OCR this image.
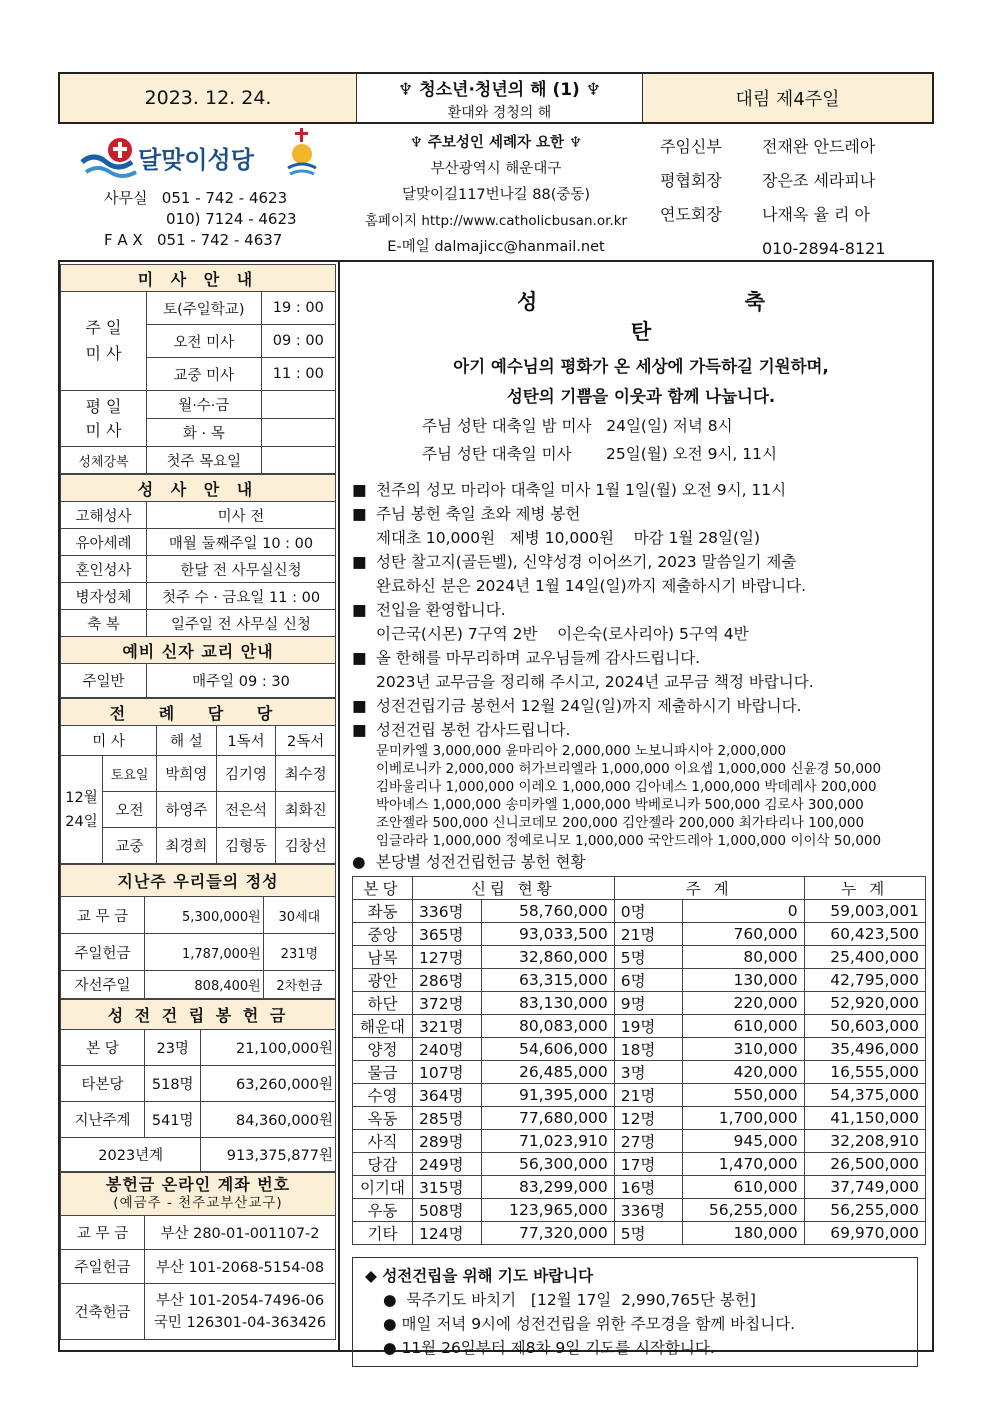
2023. 12. 24.	♆ 청소년·청년의 해 (1) ♆
환대와 경청의 해
대림 제4주일
달맞이성당
사무실 051 - 742 - 4623
010) 7124 - 4623
F A X 051 - 742 - 4637
♆ 주보성인 세례자 요한 ♆
부산광역시 해운대구
달맞이길117번나길 88(중동)
홈페이지 http://www.catholicbusan.or.kr
E-메일 dalmajicc@hanmail.net
주임신부	전재완 안드레아
평협회장	장은조 세라피나
연도회장	나재옥 율 리 아
010-2894-8121
미 사 안 내		
주 일
미 사	토(주일학교)	19 : 00
	오전 미사	09 : 00
	교중 미사	11 : 00
평 일
미 사	월·수·금	
	화 · 목	
성체강복	첫주 목요일	
성 사 안 내	
고해성사	미사 전
유아세례	매월 둘째주일 10 : 00
혼인성사	한달 전 사무실신청
병자성체	첫주 수 · 금요일 11 : 00
축 복	일주일 전 사무실 신청
예비 신자 교리 안내	
주일반	매주일 09 : 30
전 례 담 당				
미 사		해 설	1독서	2독서
12월
24일	토요일	박희영	김기영	최수정
	오전	하영주	전은석	최화진
	교중	최경희	김형동	김창선
지난주 우리들의 정성		
교 무 금	5,300,000원	30세대
주일헌금	1,787,000원	231명
자선주일	808,400원	2차헌금
성 전 건 립 봉 헌 금		
본 당	23명	21,100,000원
타본당	518명	63,260,000원
지난주계	541명	84,360,000원
2023년계		913,375,877원
봉헌금 온라인 계좌 번호
(예금주 - 천주교부산교구)	

교 무 금	부산 280-01-001107-2
주일헌금	부산 101-2068-5154-08
건축헌금	부산 101-2054-7496-06
국민 126301-04-363426
성 축 탄
아기 예수님의 평화가 온 세상에 가득하길 기원하며,
성탄의 기쁨을 이웃과 함께 나눕니다.
주님 성탄 대축일 밤 미사   24일(일) 저녁 8시
주님 성탄 대축일 미사       25일(월) 오전 9시, 11시
■ 천주의 성모 마리아 대축일 미사 1월 1일(월) 오전 9시, 11시
■ 주님 봉헌 축일 초와 제병 봉헌
제대초 10,000원   제병 10,000원    마감 1월 28일(일)
■ 성탄 찰고지(골든벨), 신약성경 이어쓰기, 2023 말씀일기 제출
완료하신 분은 2024년 1월 14일(일)까지 제출하시기 바랍니다.
■ 전입을 환영합니다.
이근국(시몬) 7구역 2반    이은숙(로사리아) 5구역 4반
■ 올 한해를 마무리하며 교우님들께 감사드립니다.
2023년 교무금을 정리해 주시고, 2024년 교무금 책정 바랍니다.
■ 성전건립기금 봉헌서 12월 24일(일)까지 제출하시기 바랍니다.
■ 성전건립 봉헌 감사드립니다.
문미카엘 3,000,000 윤마리아 2,000,000 노보니파시아 2,000,000
이베로니카 2,000,000 허가브리엘라 1,000,000 이요셉 1,000,000 신윤경 50,000
김바울리나 1,000,000 이레오 1,000,000 김아녜스 1,000,000 박데레사 200,000
박아녜스 1,000,000 송미카엘 1,000,000 박베로니카 500,000 김로사 300,000
조안젤라 500,000 신니코데모 200,000 김안젤라 200,000 최가타리나 100,000
임글라라 1,000,000 정예로니모 1,000,000 국안드레아 1,000,000 이이삭 50,000
● 본당별 성전건립헌금 봉헌 현황
본당	신립 현황		주 계		누 계
좌동	336명	58,760,000	0명	0	59,003,001
중앙	365명	93,033,500	21명	760,000	60,423,500
남목	127명	32,860,000	5명	80,000	25,400,000
광안	286명	63,315,000	6명	130,000	42,795,000
하단	372명	83,130,000	9명	220,000	52,920,000
해운대	321명	80,083,000	19명	610,000	50,603,000
양정	240명	54,606,000	18명	310,000	35,496,000
물금	107명	26,485,000	3명	420,000	16,555,000
수영	364명	91,395,000	21명	550,000	54,375,000
옥동	285명	77,680,000	12명	1,700,000	41,150,000
사직	289명	71,023,910	27명	945,000	32,208,910
당감	249명	56,300,000	17명	1,470,000	26,500,000
이기대	315명	83,299,000	16명	610,000	37,749,000
우동	508명	123,965,000	336명	56,255,000	56,255,000
기타	124명	77,320,000	5명	180,000	69,970,000
◆ 성전건립을 위해 기도 바랍니다
●  묵주기도 바치기   [12월 17일  2,990,765단 봉헌]
● 매일 저녁 9시에 성전건립을 위한 주모경을 함께 바칩니다.
● 11월 26일부터 제8차 9일 기도를 시작합니다.
